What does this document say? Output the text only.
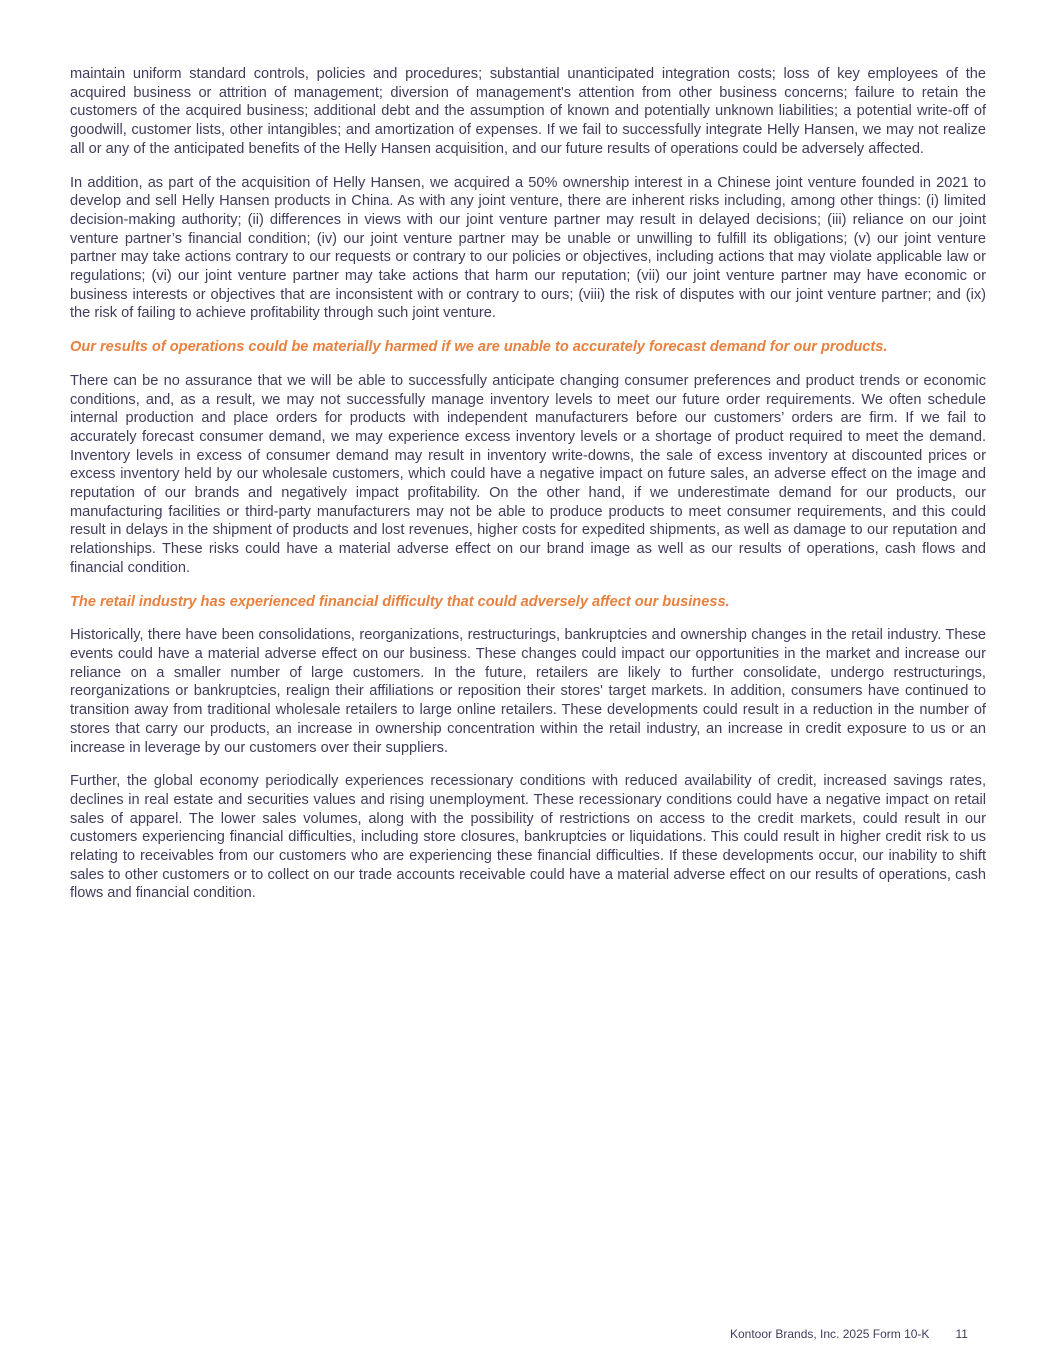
maintain uniform standard controls, policies and procedures; substantial unanticipated integration costs; loss of key employees of the acquired business or attrition of management; diversion of management's attention from other business concerns; failure to retain the customers of the acquired business; additional debt and the assumption of known and potentially unknown liabilities; a potential write-off of goodwill, customer lists, other intangibles; and amortization of expenses. If we fail to successfully integrate Helly Hansen, we may not realize all or any of the anticipated benefits of the Helly Hansen acquisition, and our future results of operations could be adversely affected.

In addition, as part of the acquisition of Helly Hansen, we acquired a 50% ownership interest in a Chinese joint venture founded in 2021 to develop and sell Helly Hansen products in China. As with any joint venture, there are inherent risks including, among other things: (i) limited decision-making authority; (ii) differences in views with our joint venture partner may result in delayed decisions; (iii) reliance on our joint venture partner’s financial condition; (iv) our joint venture partner may be unable or unwilling to fulfill its obligations; (v) our joint venture partner may take actions contrary to our requests or contrary to our policies or objectives, including actions that may violate applicable law or regulations; (vi) our joint venture partner may take actions that harm our reputation; (vii) our joint venture partner may have economic or business interests or objectives that are inconsistent with or contrary to ours; (viii) the risk of disputes with our joint venture partner; and (ix) the risk of failing to achieve profitability through such joint venture.

Our results of operations could be materially harmed if we are unable to accurately forecast demand for our products.

There can be no assurance that we will be able to successfully anticipate changing consumer preferences and product trends or economic conditions, and, as a result, we may not successfully manage inventory levels to meet our future order requirements. We often schedule internal production and place orders for products with independent manufacturers before our customers’ orders are firm. If we fail to accurately forecast consumer demand, we may experience excess inventory levels or a shortage of product required to meet the demand. Inventory levels in excess of consumer demand may result in inventory write-downs, the sale of excess inventory at discounted prices or excess inventory held by our wholesale customers, which could have a negative impact on future sales, an adverse effect on the image and reputation of our brands and negatively impact profitability. On the other hand, if we underestimate demand for our products, our manufacturing facilities or third-party manufacturers may not be able to produce products to meet consumer requirements, and this could result in delays in the shipment of products and lost revenues, higher costs for expedited shipments, as well as damage to our reputation and relationships. These risks could have a material adverse effect on our brand image as well as our results of operations, cash flows and financial condition.

The retail industry has experienced financial difficulty that could adversely affect our business.

Historically, there have been consolidations, reorganizations, restructurings, bankruptcies and ownership changes in the retail industry. These events could have a material adverse effect on our business. These changes could impact our opportunities in the market and increase our reliance on a smaller number of large customers. In the future, retailers are likely to further consolidate, undergo restructurings, reorganizations or bankruptcies, realign their affiliations or reposition their stores' target markets. In addition, consumers have continued to transition away from traditional wholesale retailers to large online retailers. These developments could result in a reduction in the number of stores that carry our products, an increase in ownership concentration within the retail industry, an increase in credit exposure to us or an increase in leverage by our customers over their suppliers.

Further, the global economy periodically experiences recessionary conditions with reduced availability of credit, increased savings rates, declines in real estate and securities values and rising unemployment. These recessionary conditions could have a negative impact on retail sales of apparel. The lower sales volumes, along with the possibility of restrictions on access to the credit markets, could result in our customers experiencing financial difficulties, including store closures, bankruptcies or liquidations. This could result in higher credit risk to us relating to receivables from our customers who are experiencing these financial difficulties. If these developments occur, our inability to shift sales to other customers or to collect on our trade accounts receivable could have a material adverse effect on our results of operations, cash flows and financial condition.

Kontoor Brands, Inc. 2025 Form 10-K 11
